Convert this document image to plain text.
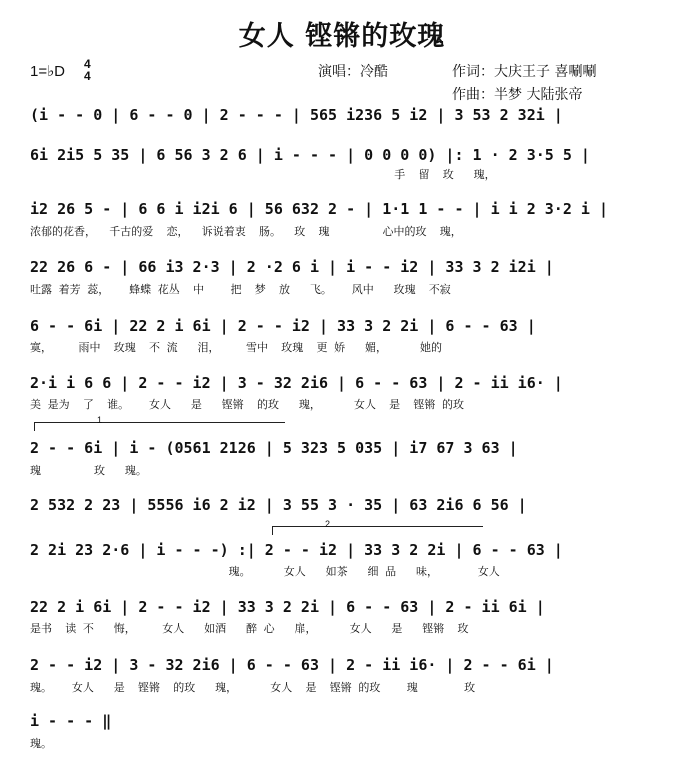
女人 铿锵的玫瑰
1=♭D 4
4	演唱：冷酷	作词：大庆王子 喜唰唰
作曲：半梦 大陆张帝
(i - - 0 | 6 - - 0 | 2 - - - | 565 i236 5 i2 | 3 53 2 32i |
6i 2i5 5 35 | 6 56 3 2 6 | i - - - | 0 0 0 0) |: 1 · 2 3·5 5 |
手  留  玫   瑰，
i2 26 5 - | 6 6 i i2i 6 | 56 632 2 - | 1·1 1 - - | i i 2 3·2 i |
浓郁的花香，  千古的爱  恋，  诉说着衷  肠。  玫  瑰        心中的玫  瑰，
22 26 6 - | 66 i3 2·3 | 2 ·2 6 i | i - - i2 | 33 3 2 i2i |
吐露 着芳 蕊，   蜂蝶 花丛  中    把  梦  放   飞。   风中   玫瑰  不寂
6 - - 6i | 22 2 i 6i | 2 - - i2 | 33 3 2 2i | 6 - - 63 |
寞，    雨中  玫瑰  不 流   泪，    雪中  玫瑰  更 娇   媚，     她的
2·i i 6 6 | 2 - - i2 | 3 - 32 2i6 | 6 - - 63 | 2 - ii i6· |
美 是为  了  谁。   女人   是   铿锵  的玫   瑰，     女人  是  铿锵 的玫
1
2 - - 6i | i - (0561 2126 | 5 323 5 035 | i7 67 3 63 |
瑰        玫   瑰。
2 532 2 23 | 5556 i6 2 i2 | 3 55 3 · 35 | 63 2i6 6 56 |
2
2 2i 23 2·6 | i - - -) :| 2 - - i2 | 33 3 2 2i | 6 - - 63 |
瑰。     女人   如茶   细 品   味，      女人
22 2 i 6i | 2 - - i2 | 33 3 2 2i | 6 - - 63 | 2 - ii 6i |
是书  读 不   悔，    女人   如酒   醉 心   扉，     女人   是   铿锵  玫
2 - - i2 | 3 - 32 2i6 | 6 - - 63 | 2 - ii i6· | 2 - - 6i |
瑰。   女人   是  铿锵  的玫   瑰，     女人  是  铿锵 的玫    瑰       玫
i - - - ‖
瑰。
